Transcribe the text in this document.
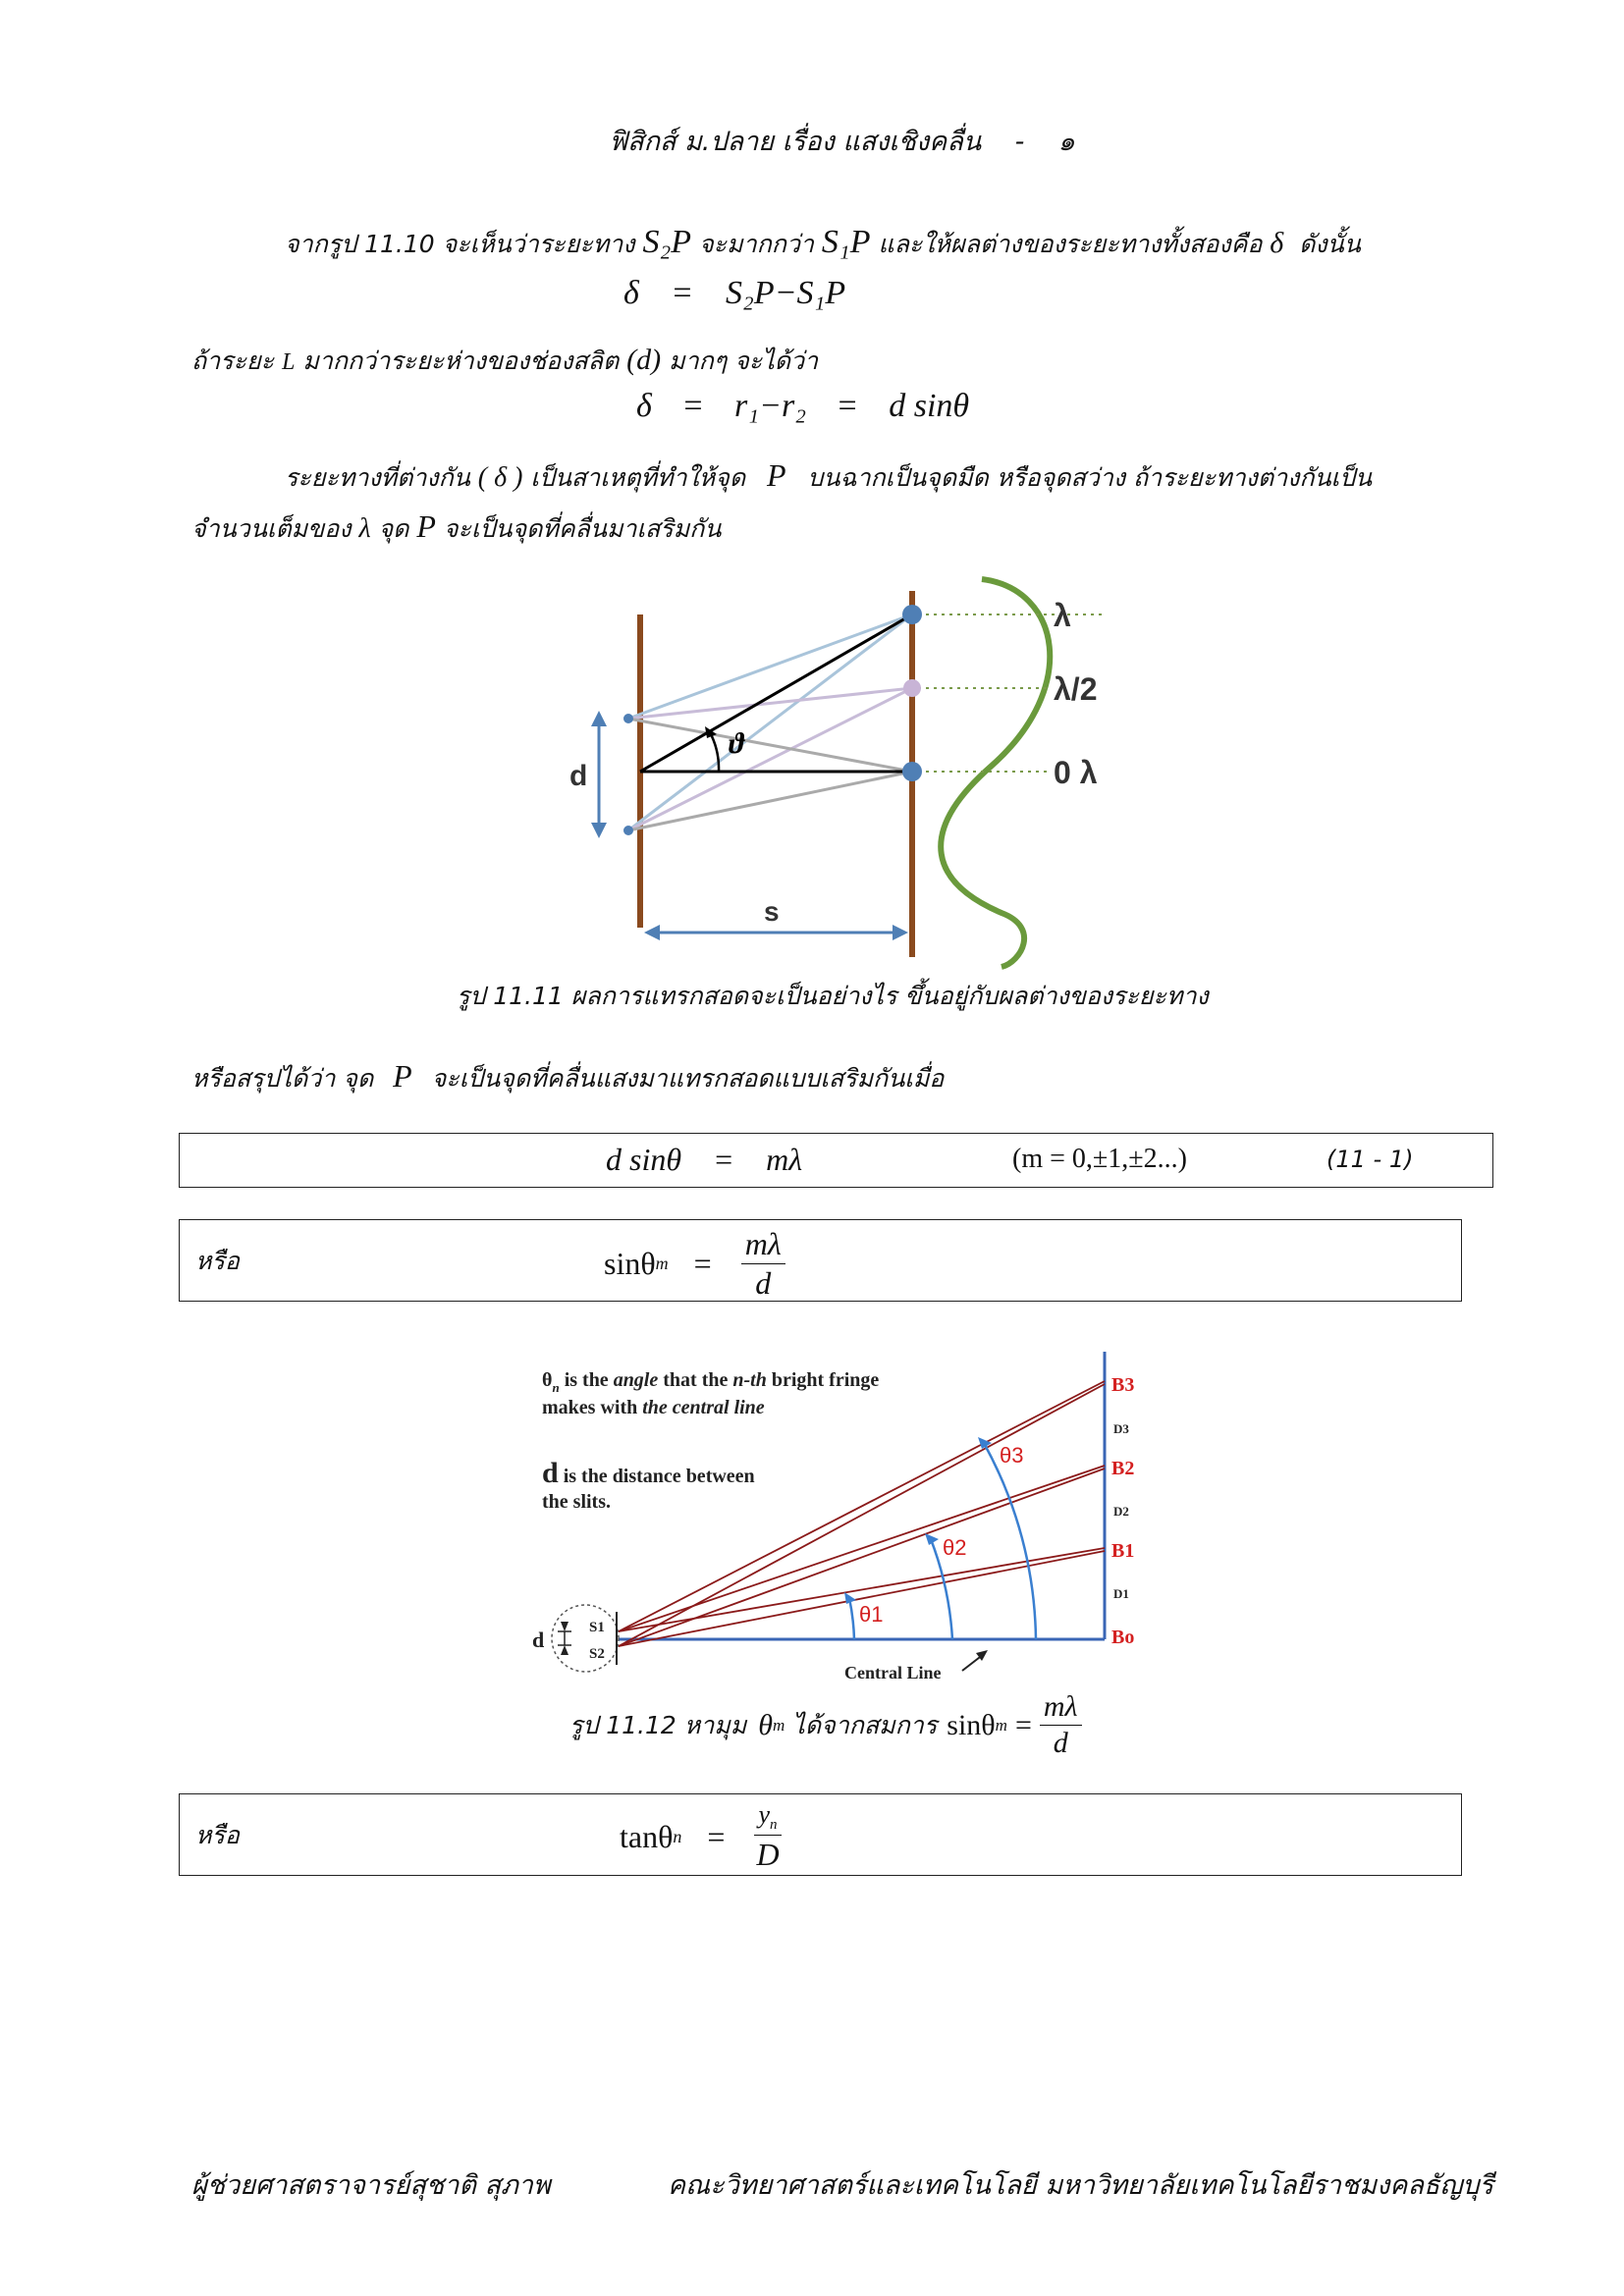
ฟิสิกส์ ม.ปลาย เรื่อง แสงเชิงคลื่น - ๑
จากรูป 11.10 จะเห็นว่าระยะทาง S₂P จะมากกว่า S₁P และให้ผลต่างของระยะทางทั้งสองคือ δ ดังนั้น
δ = S₂P−S₁P
ถ้าระยะ L มากกว่าระยะห่างของช่องสลิต (d) มากๆ จะได้ว่า
δ = r₁−r₂ = d sinθ
ระยะทางที่ต่างกัน ( δ ) เป็นสาเหตุที่ทำให้จุด P บนฉากเป็นจุดมืด หรือจุดสว่าง ถ้าระยะทางต่างกันเป็น
จำนวนเต็มของ λ จุด P จะเป็นจุดที่คลื่นมาเสริมกัน
ϑ
d
s
λ
λ/2
0 λ
รูป 11.11 ผลการแทรกสอดจะเป็นอย่างไร ขึ้นอยู่กับผลต่างของระยะทาง
หรือสรุปได้ว่า จุด P จะเป็นจุดที่คลื่นแสงมาแทรกสอดแบบเสริมกันเมื่อ
d sinθ = mλ	(m = 0,±1,±2...)	(11 - 1)
หรือ	sinθ $m = \frac{m\lambda}{d}$
θ1
θ2
θ3
B3
B2
B1
Bo
D3
D2
D1
$\theta_n$ is the angle that the n-th bright fringe
makes with the central line
d is the distance between
the slits.
S1
S2
d
Central Line
รูป 11.12 หามุม θ m ได้จากสมการ sinθ $m = \frac{m\lambda}{d}$
หรือ	tanθ $n = \frac{y_n}{D}$
ผู้ช่วยศาสตราจารย์สุชาติ สุภาพ	คณะวิทยาศาสตร์และเทคโนโลยี มหาวิทยาลัยเทคโนโลยีราชมงคลธัญบุรี
